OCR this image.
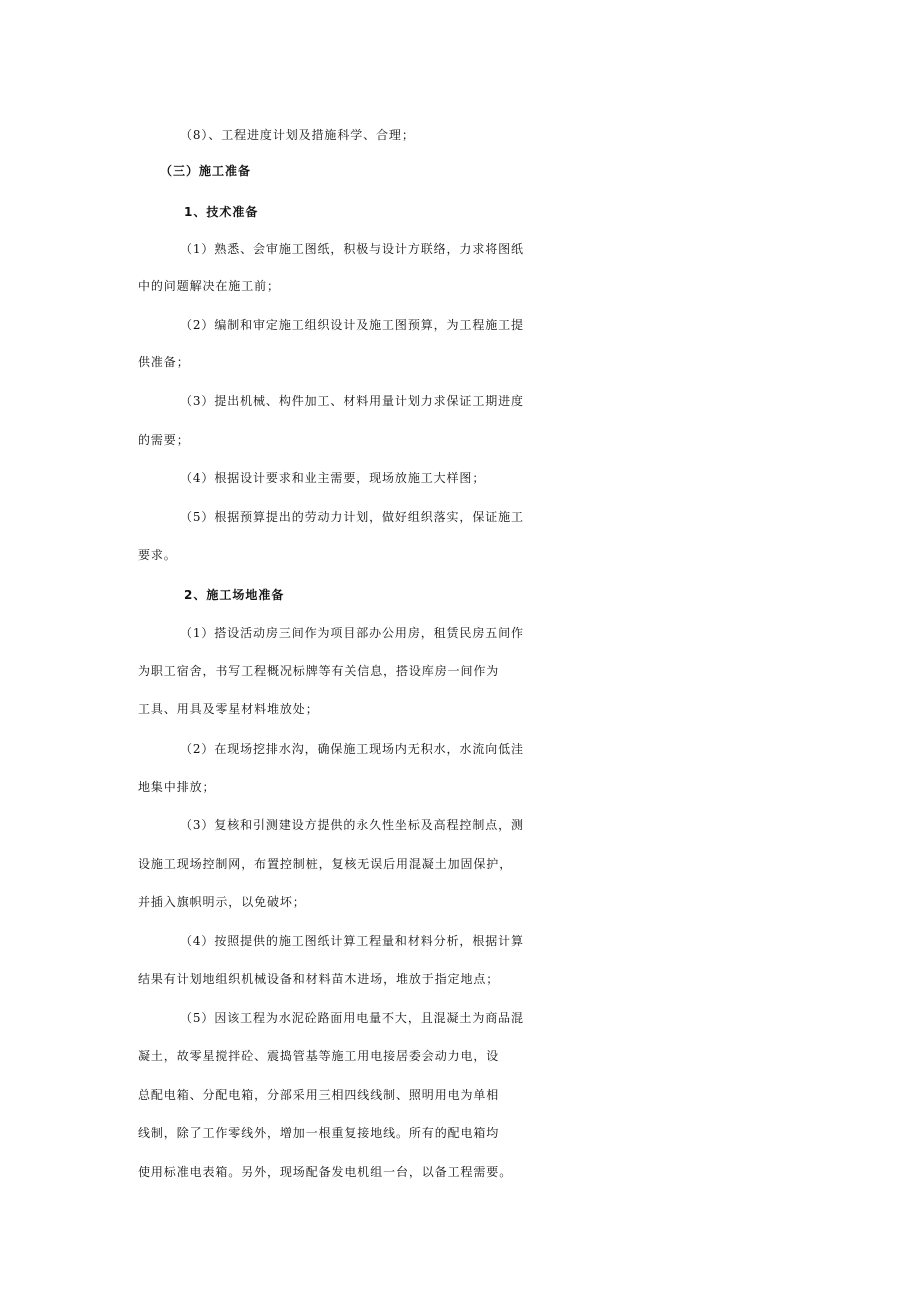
（8）、工程进度计划及措施科学、合理；
（三）施工准备
1、技术准备
（1）熟悉、会审施工图纸，积极与设计方联络，力求将图纸
中的问题解决在施工前；
（2）编制和审定施工组织设计及施工图预算，为工程施工提
供准备；
（3）提出机械、构件加工、材料用量计划力求保证工期进度
的需要；
（4）根据设计要求和业主需要，现场放施工大样图；
（5）根据预算提出的劳动力计划，做好组织落实，保证施工
要求。
2、施工场地准备
（1）搭设活动房三间作为项目部办公用房，租赁民房五间作
为职工宿舍，书写工程概况标牌等有关信息，搭设库房一间作为
工具、用具及零星材料堆放处；
（2）在现场挖排水沟，确保施工现场内无积水，水流向低洼
地集中排放；
（3）复核和引测建设方提供的永久性坐标及高程控制点，测
设施工现场控制网，布置控制桩，复核无误后用混凝土加固保护，
并插入旗帜明示，以免破坏；
（4）按照提供的施工图纸计算工程量和材料分析，根据计算
结果有计划地组织机械设备和材料苗木进场，堆放于指定地点；
（5）因该工程为水泥砼路面用电量不大，且混凝土为商品混
凝土，故零星搅拌砼、震捣管基等施工用电接居委会动力电，设
总配电箱、分配电箱，分部采用三相四线线制、照明用电为单相
线制，除了工作零线外，增加一根重复接地线。所有的配电箱均
使用标准电表箱。另外，现场配备发电机组一台，以备工程需要。
